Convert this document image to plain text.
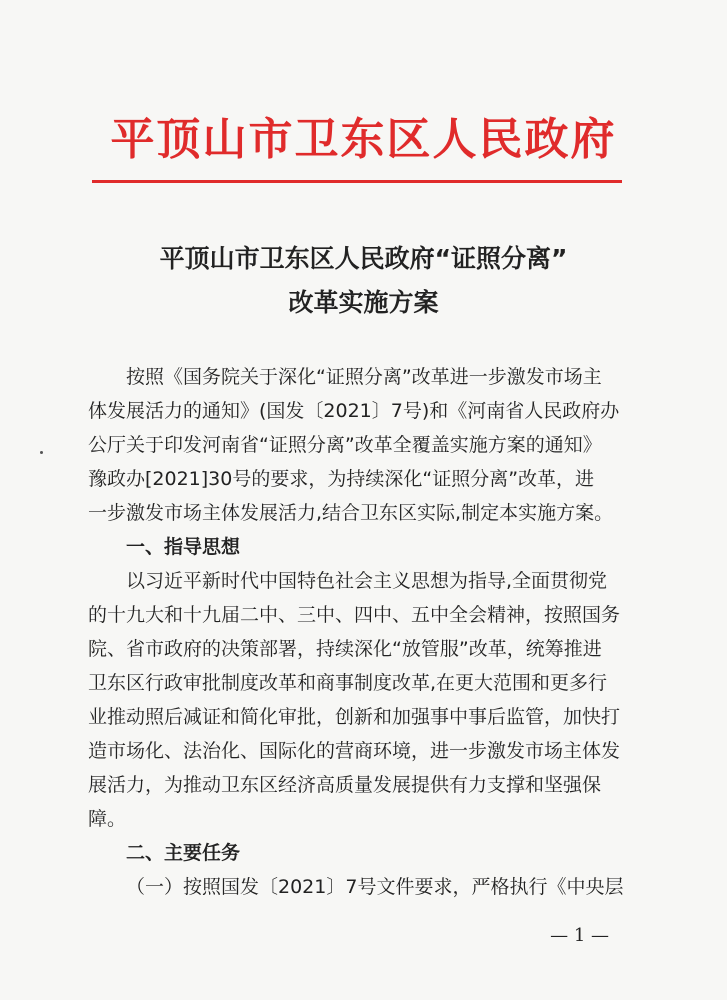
平顶山市卫东区人民政府
平顶山市卫东区人民政府“证照分离”
改革实施方案

按照《国务院关于深化“证照分离”改革进一步激发市场主
体发展活力的通知》(国发〔2021〕7号)和《河南省人民政府办
公厅关于印发河南省“证照分离”改革全覆盖实施方案的通知》
豫政办[2021]30号的要求，为持续深化“证照分离”改革，进
一步激发市场主体发展活力,结合卫东区实际,制定本实施方案。

一、指导思想
以习近平新时代中国特色社会主义思想为指导,全面贯彻党
的十九大和十九届二中、三中、四中、五中全会精神，按照国务
院、省市政府的决策部署，持续深化“放管服”改革，统筹推进
卫东区行政审批制度改革和商事制度改革,在更大范围和更多行
业推动照后减证和简化审批，创新和加强事中事后监管，加快打
造市场化、法治化、国际化的营商环境，进一步激发市场主体发
展活力，为推动卫东区经济高质量发展提供有力支撑和坚强保
障。

二、主要任务
（一）按照国发〔2021〕7号文件要求，严格执行《中央层

— 1 —
